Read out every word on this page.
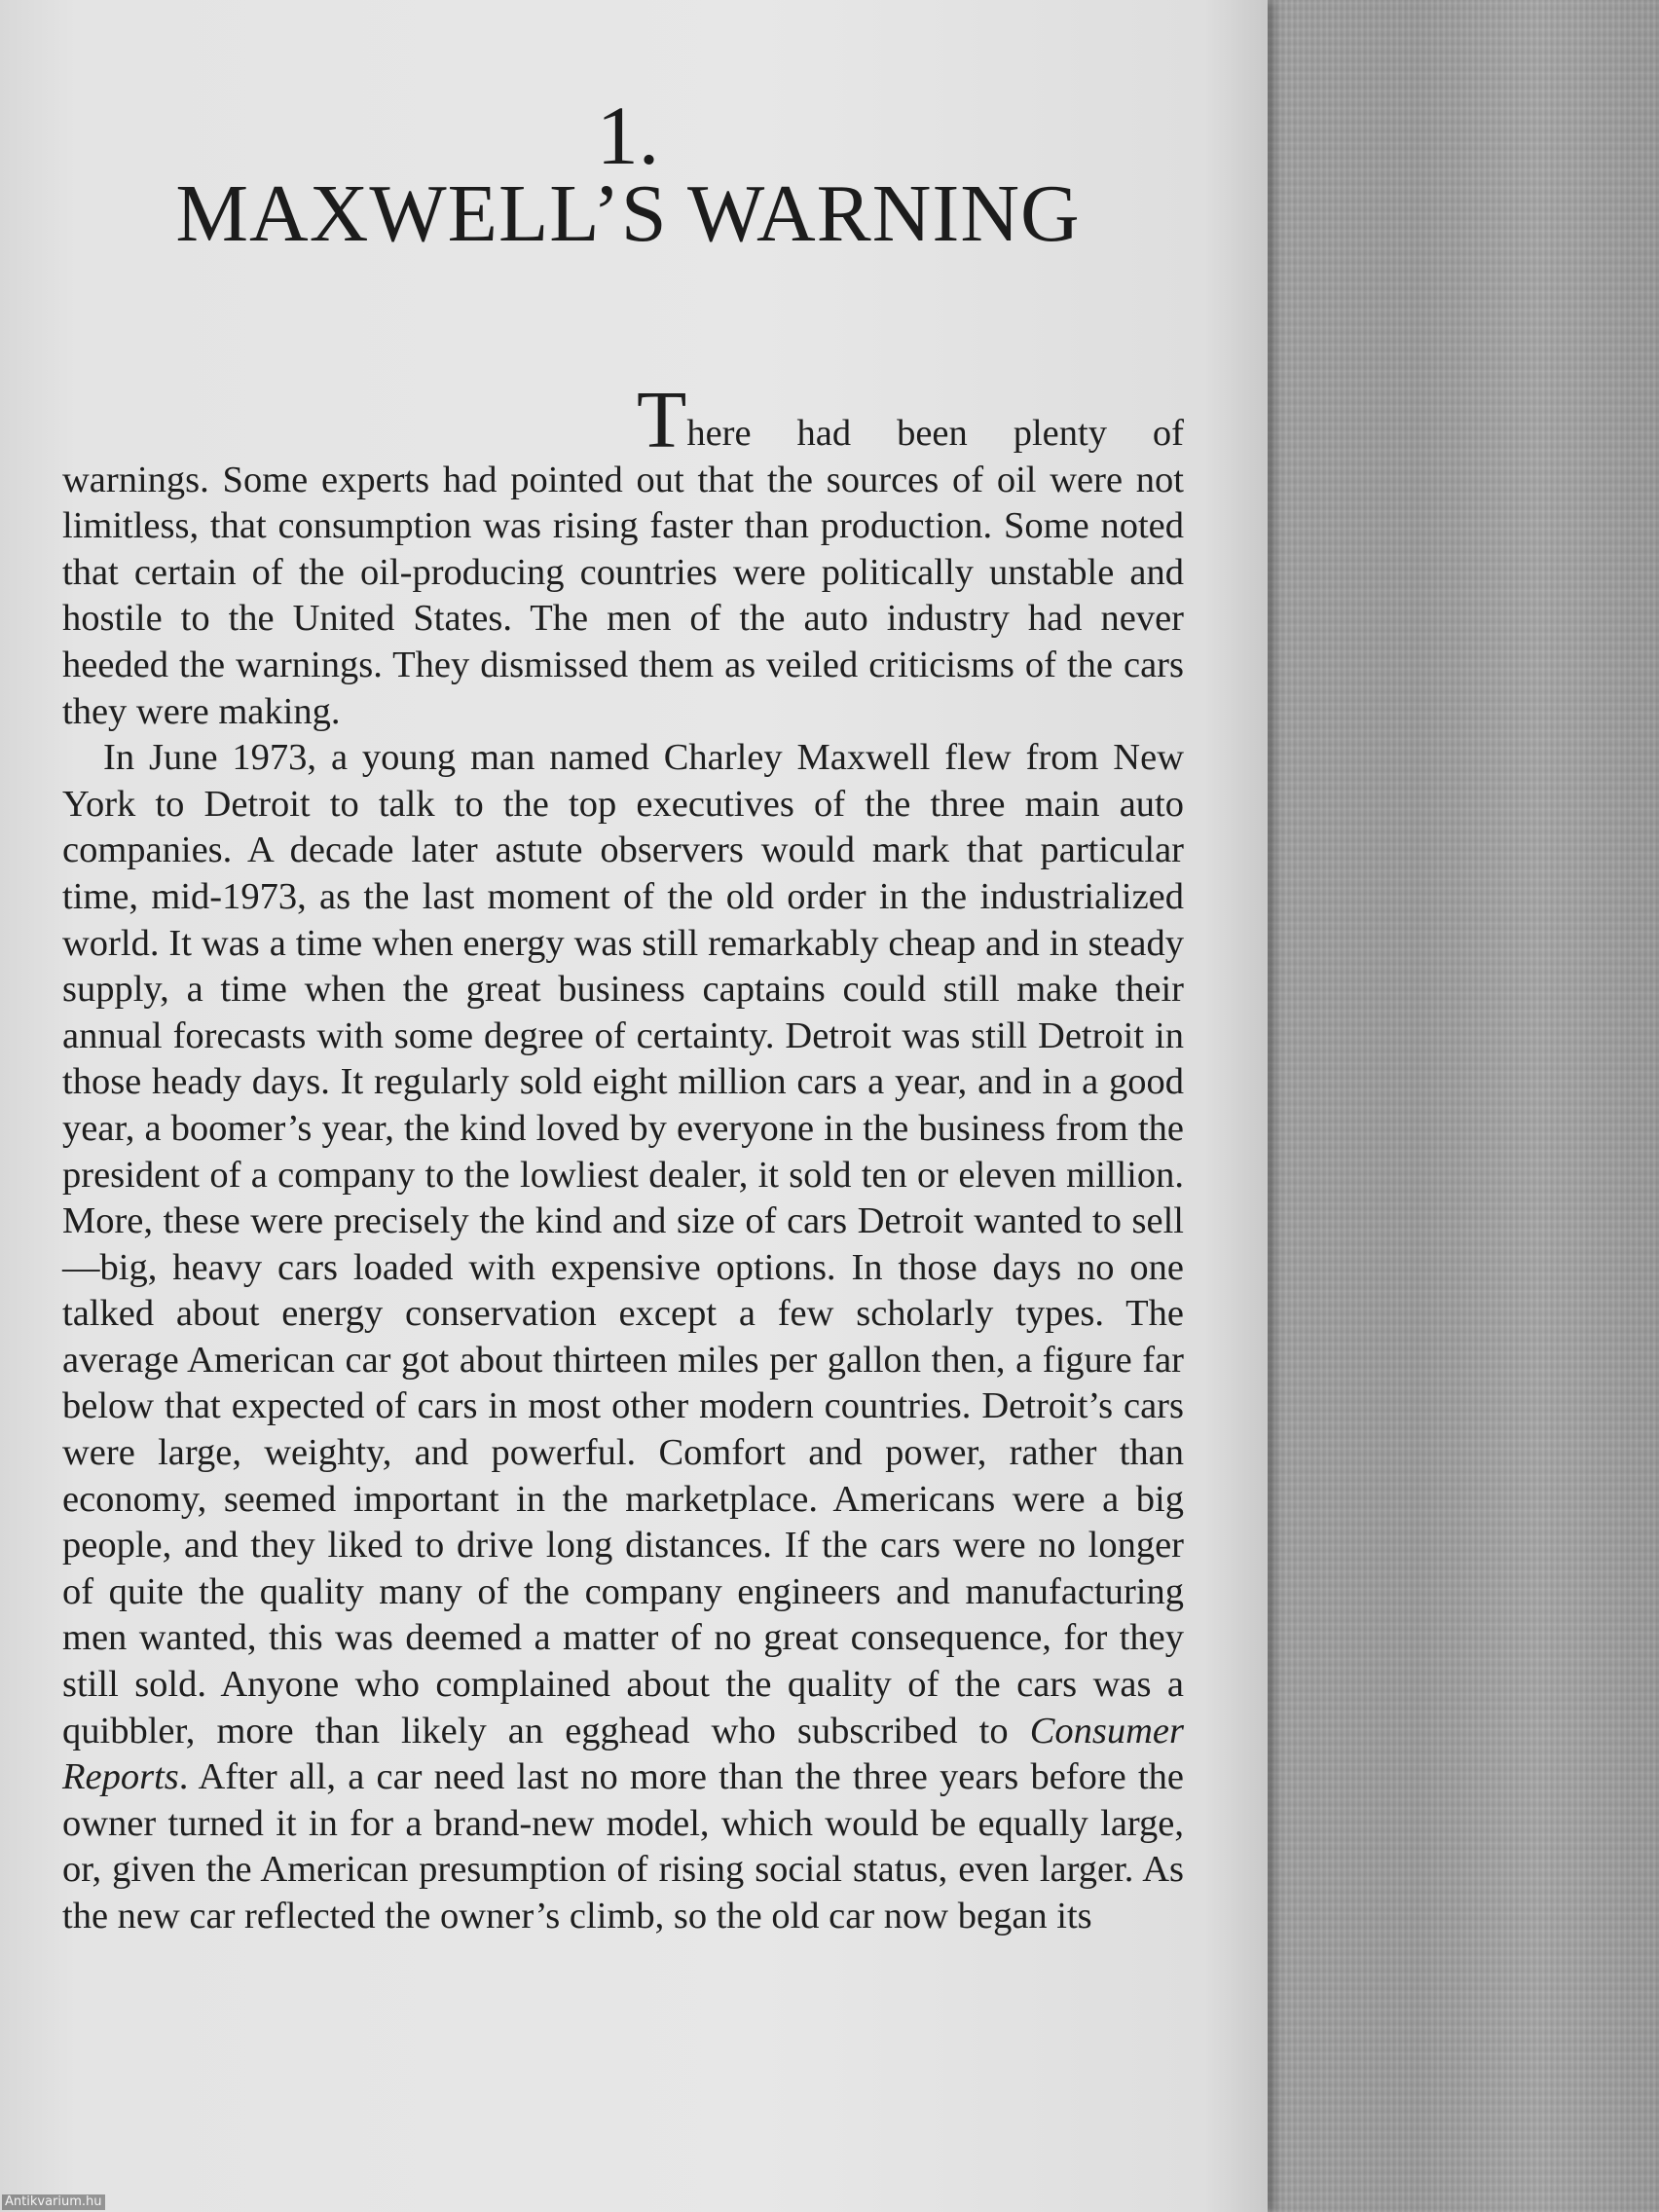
1.
MAXWELL’S WARNING

There had been plenty of warnings. Some experts had pointed out that the sources of oil were not limitless, that consumption was rising faster than production. Some noted that certain of the oil-producing countries were politically unstable and hostile to the United States. The men of the auto industry had never heeded the warnings. They dismissed them as veiled criticisms of the cars they were making.

In June 1973, a young man named Charley Maxwell flew from New York to Detroit to talk to the top executives of the three main auto companies. A decade later astute observers would mark that particular time, mid-1973, as the last moment of the old order in the industrialized world. It was a time when energy was still remarkably cheap and in steady supply, a time when the great business captains could still make their annual forecasts with some degree of certainty. Detroit was still Detroit in those heady days. It regularly sold eight million cars a year, and in a good year, a boomer’s year, the kind loved by everyone in the business from the president of a company to the lowliest dealer, it sold ten or eleven million. More, these were precisely the kind and size of cars Detroit wanted to sell—big, heavy cars loaded with expensive options. In those days no one talked about energy conservation except a few scholarly types. The average American car got about thirteen miles per gallon then, a figure far below that expected of cars in most other modern countries. Detroit’s cars were large, weighty, and powerful. Comfort and power, rather than economy, seemed important in the marketplace. Americans were a big people, and they liked to drive long distances. If the cars were no longer of quite the quality many of the company engineers and manufacturing men wanted, this was deemed a matter of no great consequence, for they still sold. Anyone who complained about the quality of the cars was a quibbler, more than likely an egghead who subscribed to Consumer Reports. After all, a car need last no more than the three years before the owner turned it in for a brand-new model, which would be equally large, or, given the American presumption of rising social status, even larger. As the new car reflected the owner’s climb, so the old car now began its

Antikvarium.hu
